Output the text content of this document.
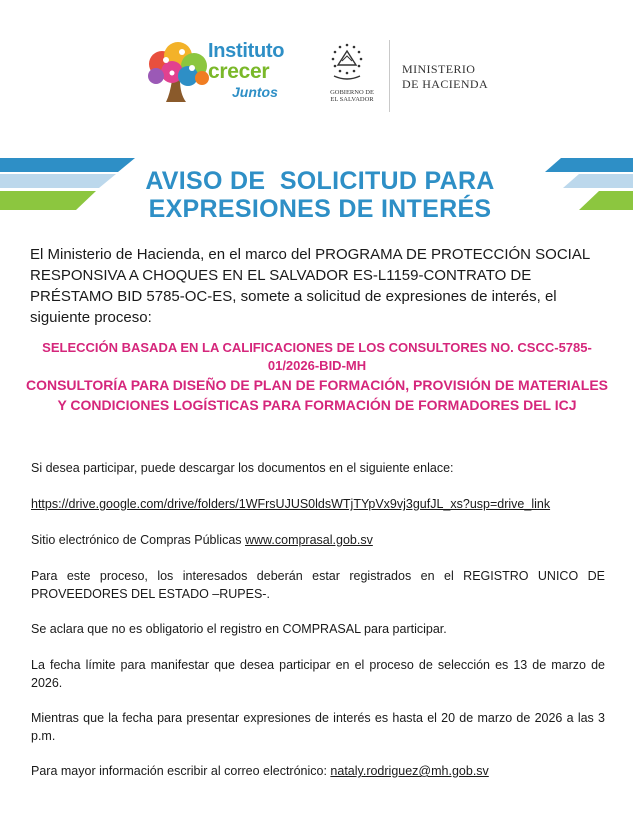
Instituto
crecer
Juntos	GOBIERNO DE EL SALVADOR
MINISTERIO
DE HACIENDA
AVISO DE  SOLICITUD PARA
EXPRESIONES DE INTERÉS
El Ministerio de Hacienda, en el marco del PROGRAMA DE PROTECCIÓN SOCIAL RESPONSIVA A CHOQUES EN EL SALVADOR ES-L1159-CONTRATO DE PRÉSTAMO BID 5785-OC-ES, somete a solicitud de expresiones de interés, el siguiente proceso:
SELECCIÓN BASADA EN LA CALIFICACIONES DE LOS CONSULTORES NO. CSCC-5785-01/2026-BID-MH
CONSULTORÍA PARA DISEÑO DE PLAN DE FORMACIÓN, PROVISIÓN DE MATERIALES Y CONDICIONES LOGÍSTICAS PARA FORMACIÓN DE FORMADORES DEL ICJ
Si desea participar, puede descargar los documentos en el siguiente enlace:
https://drive.google.com/drive/folders/1WFrsUJUS0ldsWTjTYpVx9vj3gufJL_xs?usp=drive_link
Sitio electrónico de Compras Públicas www.comprasal.gob.sv
Para este proceso, los interesados deberán estar registrados en el REGISTRO UNICO DE PROVEEDORES DEL ESTADO –RUPES-.
Se aclara que no es obligatorio el registro en COMPRASAL para participar.
La fecha límite para manifestar que desea participar en el proceso de selección es 13 de marzo de 2026.
Mientras que la fecha para presentar expresiones de interés es hasta el 20 de marzo de 2026 a las 3 p.m.
Para mayor información escribir al correo electrónico: nataly.rodriguez@mh.gob.sv
